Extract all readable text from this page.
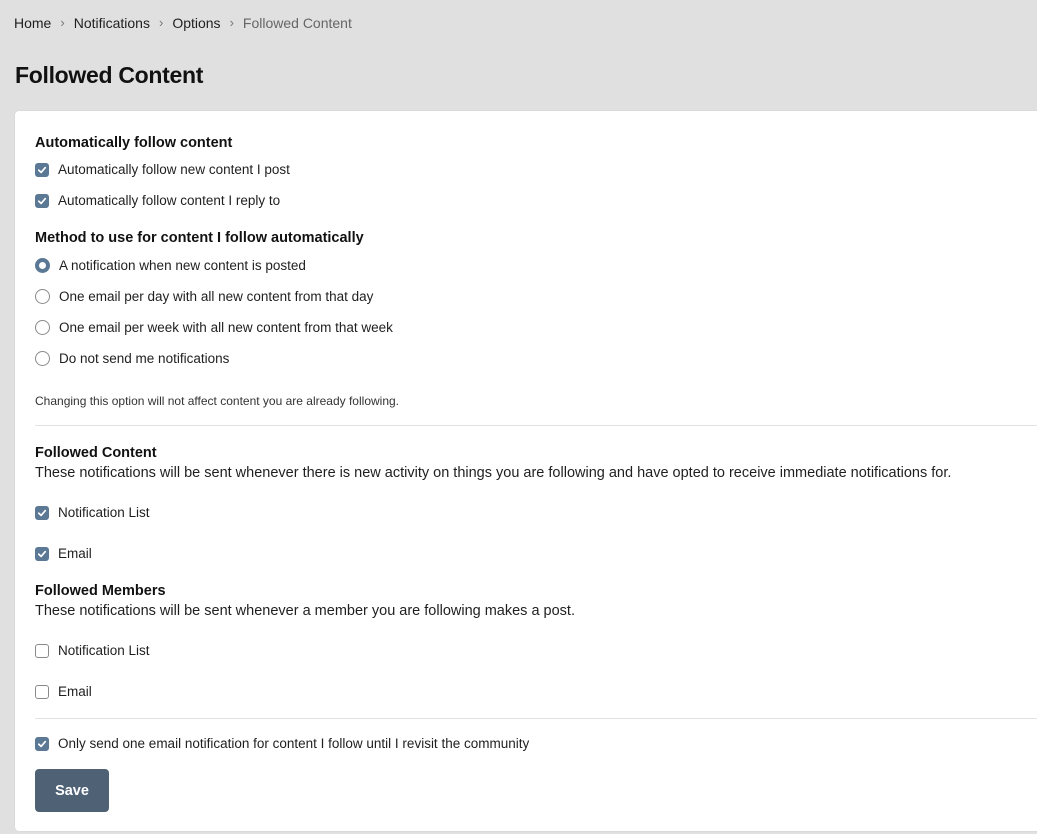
Home › Notifications › Options › Followed Content
Followed Content
Automatically follow content
Automatically follow new content I post
Automatically follow content I reply to
Method to use for content I follow automatically
A notification when new content is posted
One email per day with all new content from that day
One email per week with all new content from that week
Do not send me notifications

Changing this option will not affect content you are already following.

Followed Content

These notifications will be sent whenever there is new activity on things you are following and have opted to receive immediate notifications for.

Notification List
Email
Followed Members

These notifications will be sent whenever a member you are following makes a post.

Notification List
Email
Only send one email notification for content I follow until I revisit the community
Save
